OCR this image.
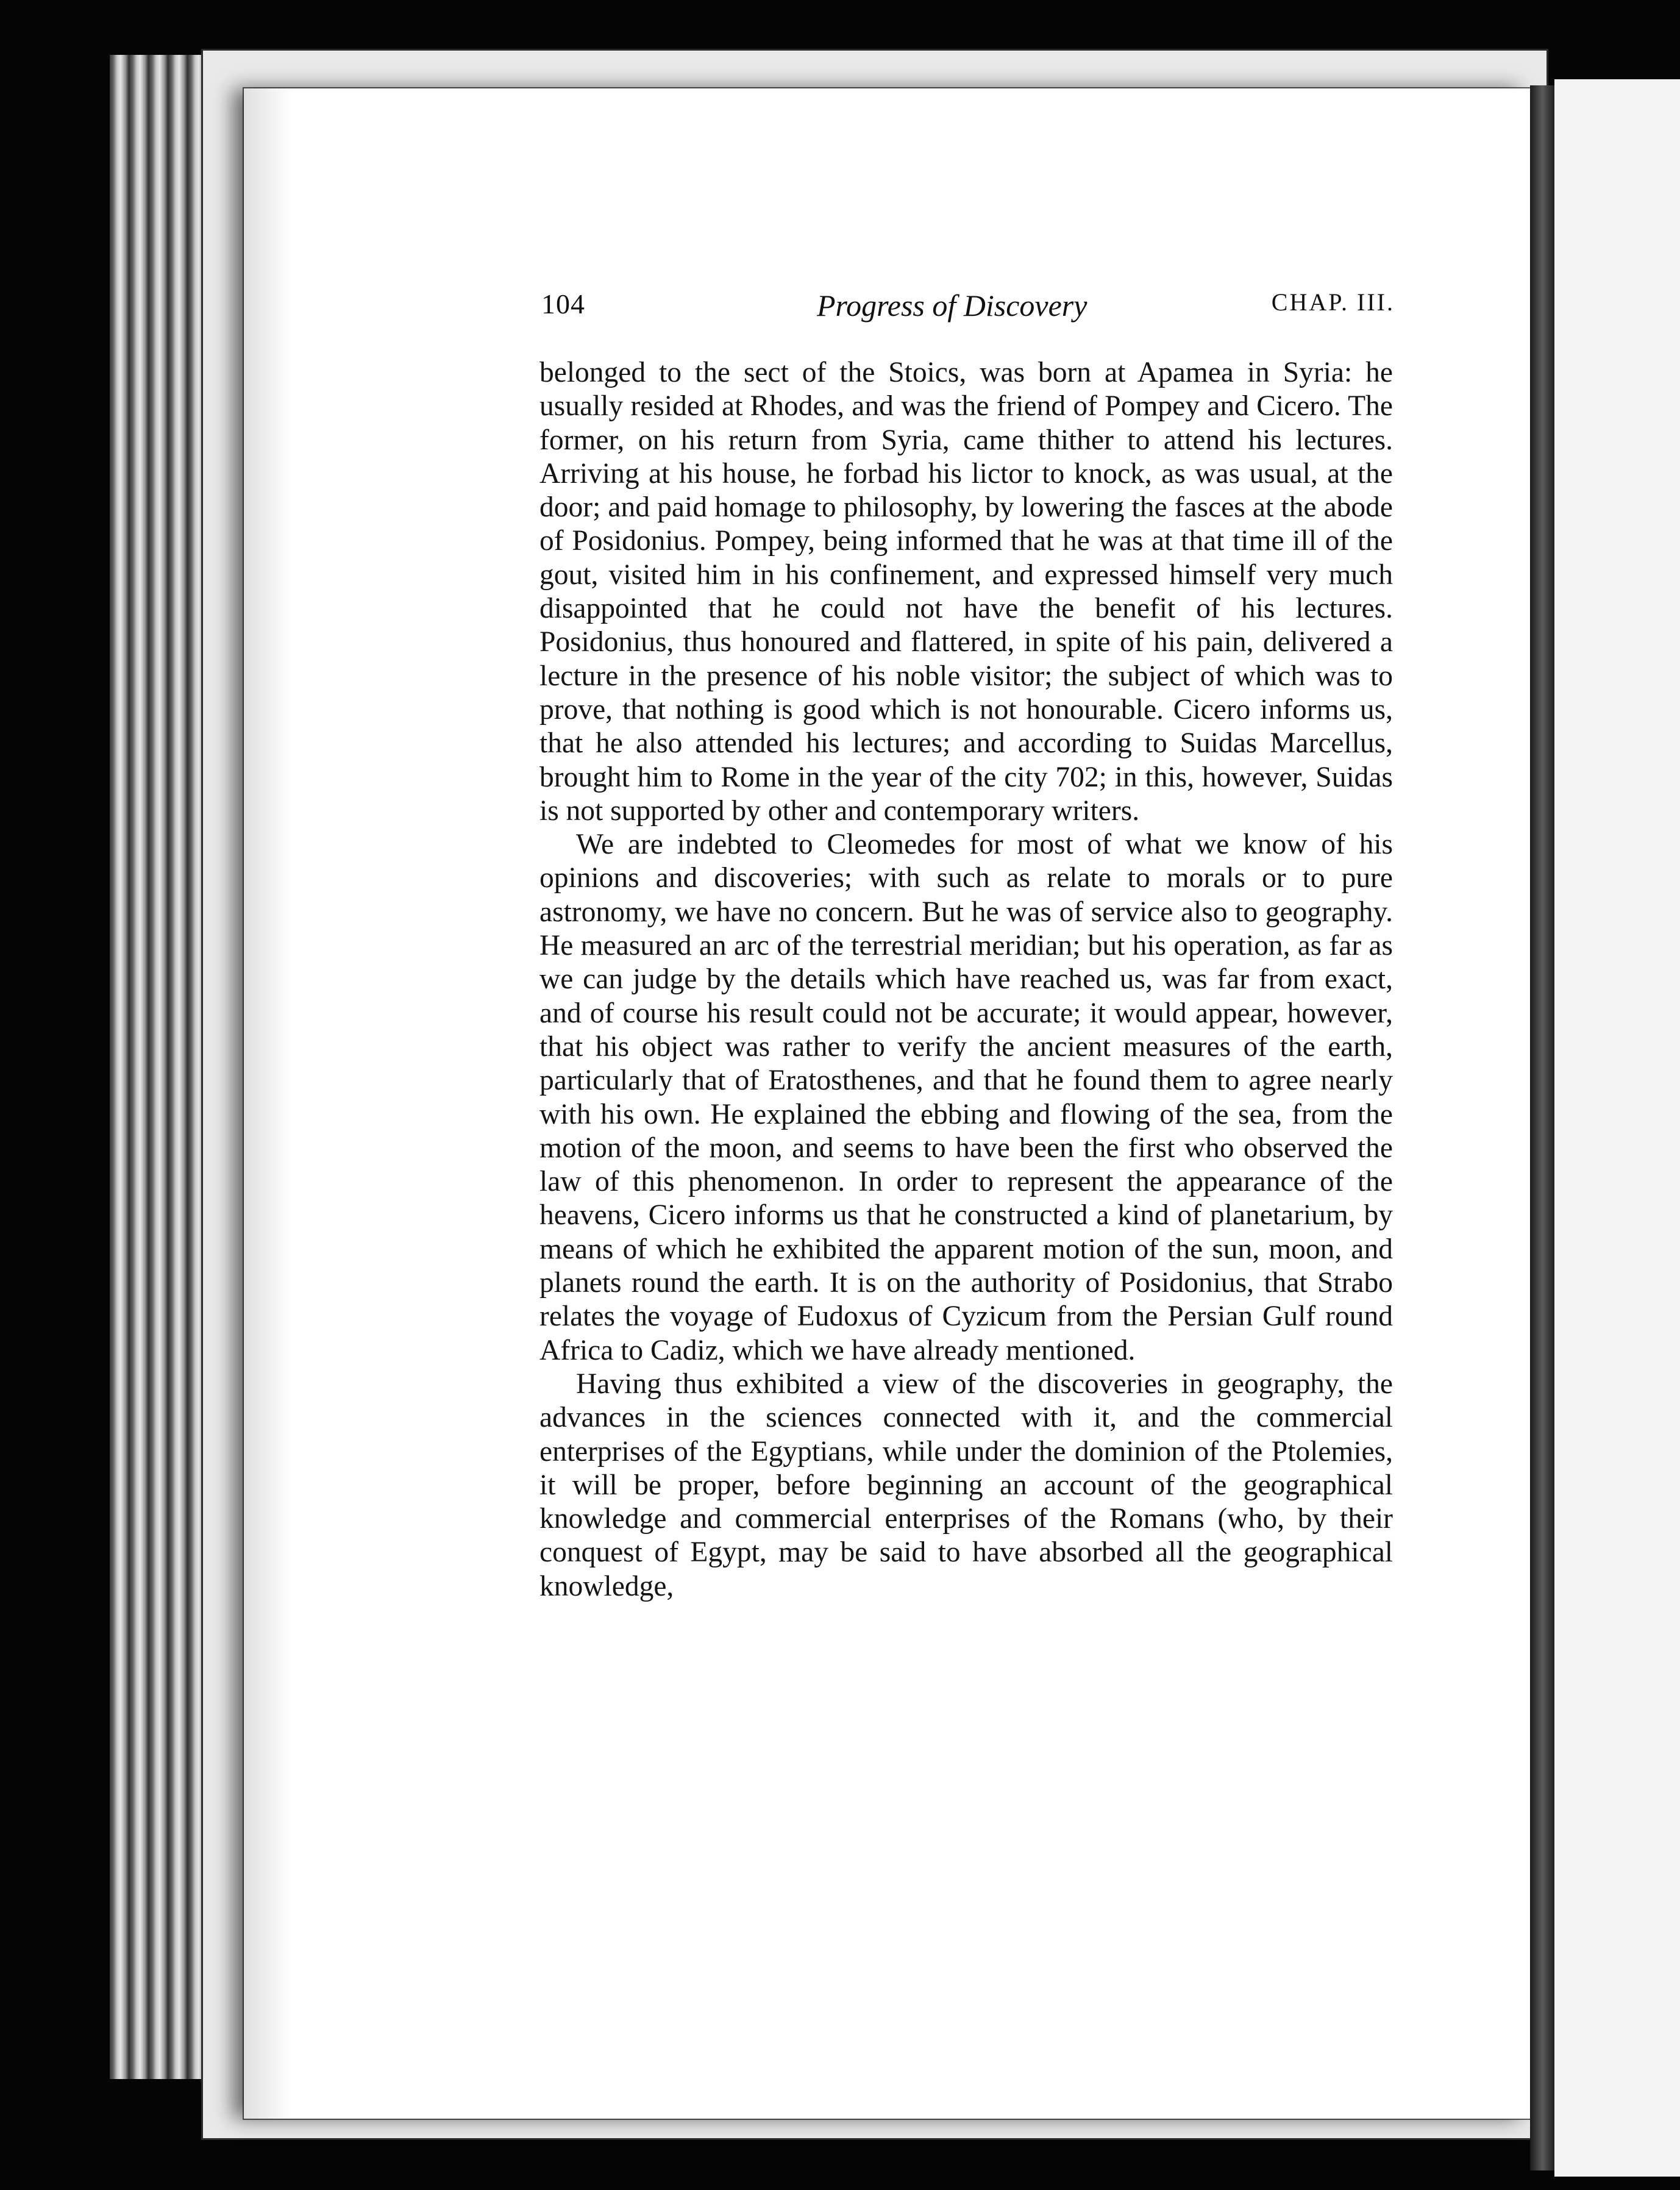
104	Progress of Discovery	CHAP. III.

belonged to the sect of the Stoics, was born at Apamea in Syria: he usually resided at Rhodes, and was the friend of Pompey and Cicero. The former, on his return from Syria, came thither to attend his lectures. Arriving at his house, he forbad his lictor to knock, as was usual, at the door; and paid homage to philosophy, by lowering the fasces at the abode of Posidonius. Pompey, being informed that he was at that time ill of the gout, visited him in his confinement, and expressed himself very much disappointed that he could not have the benefit of his lectures. Posidonius, thus honoured and flattered, in spite of his pain, delivered a lecture in the presence of his noble visitor; the subject of which was to prove, that nothing is good which is not honourable. Cicero informs us, that he also attended his lectures; and according to Suidas Marcellus, brought him to Rome in the year of the city 702; in this, however, Suidas is not supported by other and contemporary writers.

We are indebted to Cleomedes for most of what we know of his opinions and discoveries; with such as relate to morals or to pure astronomy, we have no concern. But he was of service also to geography. He measured an arc of the terrestrial meridian; but his operation, as far as we can judge by the details which have reached us, was far from exact, and of course his result could not be accurate; it would appear, however, that his object was rather to verify the ancient measures of the earth, particularly that of Eratosthenes, and that he found them to agree nearly with his own. He explained the ebbing and flowing of the sea, from the motion of the moon, and seems to have been the first who observed the law of this phenomenon. In order to represent the appearance of the heavens, Cicero informs us that he constructed a kind of planetarium, by means of which he exhibited the apparent motion of the sun, moon, and planets round the earth. It is on the authority of Posidonius, that Strabo relates the voyage of Eudoxus of Cyzicum from the Persian Gulf round Africa to Cadiz, which we have already mentioned.

Having thus exhibited a view of the discoveries in geography, the advances in the sciences connected with it, and the commercial enterprises of the Egyptians, while under the dominion of the Ptolemies, it will be proper, before beginning an account of the geographical knowledge and commercial enterprises of the Romans (who, by their conquest of Egypt, may be said to have absorbed all the geographical knowledge,
